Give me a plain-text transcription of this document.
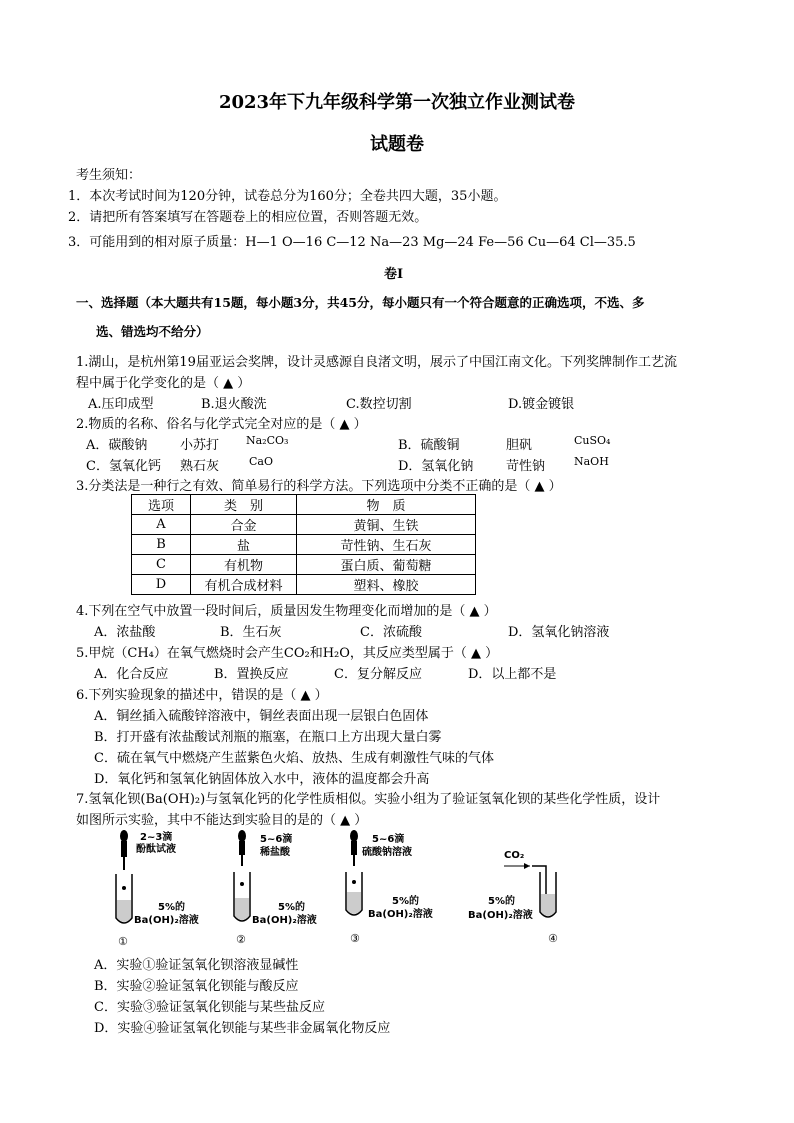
2023年下九年级科学第一次独立作业测试卷
试题卷
考生须知：
1．本次考试时间为120分钟，试卷总分为160分；全卷共四大题，35小题。
2．请把所有答案填写在答题卷上的相应位置，否则答题无效。
3．可能用到的相对原子质量：H—1 O—16 C—12 Na—23 Mg—24 Fe—56 Cu—64 Cl—35.5
卷Ⅰ
一、选择题（本大题共有15题，每小题3分，共45分，每小题只有一个符合题意的正确选项，不选、多
选、错选均不给分）
1.湖山，是杭州第19届亚运会奖牌，设计灵感源自良渚文明，展示了中国江南文化。下列奖牌制作工艺流
程中属于化学变化的是（ ▲ ）
A.压印成型	B.退火酸洗	C.数控切割	D.镀金镀银
2.物质的名称、俗名与化学式完全对应的是（ ▲ ）
A．碳酸钠	小苏打 Na₂CO₃	B．硫酸铜	胆矾	CuSO₄
C．氢氧化钙 熟石灰	CaO	D．氢氧化钠	苛性钠	NaOH
3.分类法是一种行之有效、简单易行的科学方法。下列选项中分类不正确的是（ ▲ ）
选项	类　别	物　质
A	合金	黄铜、生铁
B	盐	苛性钠、生石灰
C	有机物	蛋白质、葡萄糖
D	有机合成材料	塑料、橡胶
4.下列在空气中放置一段时间后，质量因发生物理变化而增加的是（ ▲ ）
A．浓盐酸	B．生石灰	C．浓硫酸	D．氢氧化钠溶液
5.甲烷（CH₄）在氧气燃烧时会产生CO₂和H₂O，其反应类型属于（ ▲ ）
A．化合反应	B．置换反应	C．复分解反应	D．以上都不是
6.下列实验现象的描述中，错误的是（ ▲ ）
A．铜丝插入硫酸锌溶液中，铜丝表面出现一层银白色固体
B．打开盛有浓盐酸试剂瓶的瓶塞，在瓶口上方出现大量白雾
C．硫在氧气中燃烧产生蓝紫色火焰、放热、生成有刺激性气味的气体
D．氧化钙和氢氧化钠固体放入水中，液体的温度都会升高
7.氢氧化钡(Ba(OH)₂)与氢氧化钙的化学性质相似。实验小组为了验证氢氧化钡的某些化学性质，设计
如图所示实验，其中不能达到实验目的是的（ ▲ ）
2~3滴
酚酞试液
5%的
Ba(OH)₂溶液
①
5~6滴
稀盐酸
5%的
Ba(OH)₂溶液
②
5~6滴
硫酸钠溶液
5%的
Ba(OH)₂溶液
③
CO₂
5%的
Ba(OH)₂溶液
④
A．实验①验证氢氧化钡溶液显碱性
B．实验②验证氢氧化钡能与酸反应
C．实验③验证氢氧化钡能与某些盐反应
D．实验④验证氢氧化钡能与某些非金属氧化物反应
